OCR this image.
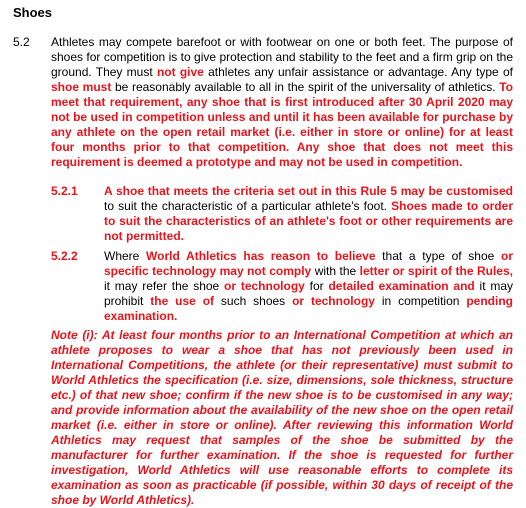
Shoes
5.2 Athletes may compete barefoot or with footwear on one or both feet. The purpose of shoes for competition is to give protection and stability to the feet and a firm grip on the ground. They must not give athletes any unfair assistance or advantage. Any type of shoe must be reasonably available to all in the spirit of the universality of athletics. To meet that requirement, any shoe that is first introduced after 30 April 2020 may not be used in competition unless and until it has been available for purchase by any athlete on the open retail market (i.e. either in store or online) for at least four months prior to that competition. Any shoe that does not meet this requirement is deemed a prototype and may not be used in competition.
5.2.1 A shoe that meets the criteria set out in this Rule 5 may be customised to suit the characteristic of a particular athlete's foot. Shoes made to order to suit the characteristics of an athlete's foot or other requirements are not permitted.
5.2.2 Where World Athletics has reason to believe that a type of shoe or specific technology may not comply with the letter or spirit of the Rules, it may refer the shoe or technology for detailed examination and it may prohibit the use of such shoes or technology in competition pending examination.
Note (i): At least four months prior to an International Competition at which an athlete proposes to wear a shoe that has not previously been used in International Competitions, the athlete (or their representative) must submit to World Athletics the specification (i.e. size, dimensions, sole thickness, structure etc.) of that new shoe; confirm if the new shoe is to be customised in any way; and provide information about the availability of the new shoe on the open retail market (i.e. either in store or online). After reviewing this information World Athletics may request that samples of the shoe be submitted by the manufacturer for further examination. If the shoe is requested for further investigation, World Athletics will use reasonable efforts to complete its examination as soon as practicable (if possible, within 30 days of receipt of the shoe by World Athletics).
